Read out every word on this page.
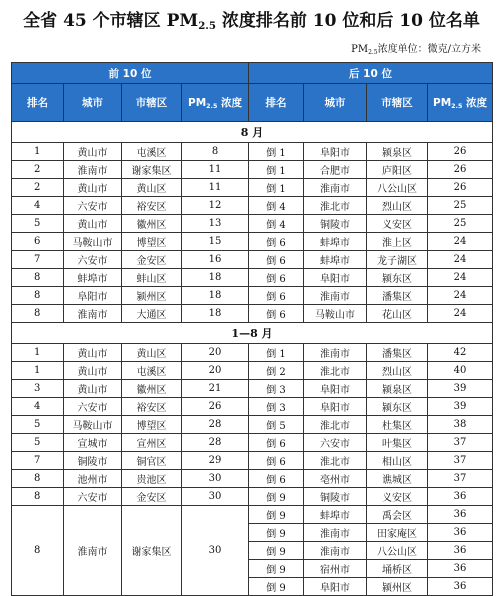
全省 45 个市辖区 $PM_{2.5}$ 浓度排名前 10 位和后 10 位名单
$PM_{2.5}$浓度单位：微克/立方米
前 10 位				后 10 位			
排名	城市	市辖区	$PM_{2.5}$ 浓度	排名	城市	市辖区	$PM_{2.5}$ 浓度
8 月							
1	黄山市	屯溪区	8	倒 1	阜阳市	颍泉区	26
2	淮南市	谢家集区	11	倒 1	合肥市	庐阳区	26
2	黄山市	黄山区	11	倒 1	淮南市	八公山区	26
4	六安市	裕安区	12	倒 4	淮北市	烈山区	25
5	黄山市	徽州区	13	倒 4	铜陵市	义安区	25
6	马鞍山市	博望区	15	倒 6	蚌埠市	淮上区	24
7	六安市	金安区	16	倒 6	蚌埠市	龙子湖区	24
8	蚌埠市	蚌山区	18	倒 6	阜阳市	颍东区	24
8	阜阳市	颍州区	18	倒 6	淮南市	潘集区	24
8	淮南市	大通区	18	倒 6	马鞍山市	花山区	24
1—8 月							
1	黄山市	黄山区	20	倒 1	淮南市	潘集区	42
1	黄山市	屯溪区	20	倒 2	淮北市	烈山区	40
3	黄山市	徽州区	21	倒 3	阜阳市	颍泉区	39
4	六安市	裕安区	26	倒 3	阜阳市	颍东区	39
5	马鞍山市	博望区	28	倒 5	淮北市	杜集区	38
5	宣城市	宣州区	28	倒 6	六安市	叶集区	37
7	铜陵市	铜官区	29	倒 6	淮北市	相山区	37
8	池州市	贵池区	30	倒 6	亳州市	谯城区	37
8	六安市	金安区	30	倒 9	铜陵市	义安区	36
8	淮南市	谢家集区	30	倒 9	蚌埠市	禹会区	36
				倒 9	淮南市	田家庵区	36
				倒 9	淮南市	八公山区	36
				倒 9	宿州市	埇桥区	36
				倒 9	阜阳市	颍州区	36
